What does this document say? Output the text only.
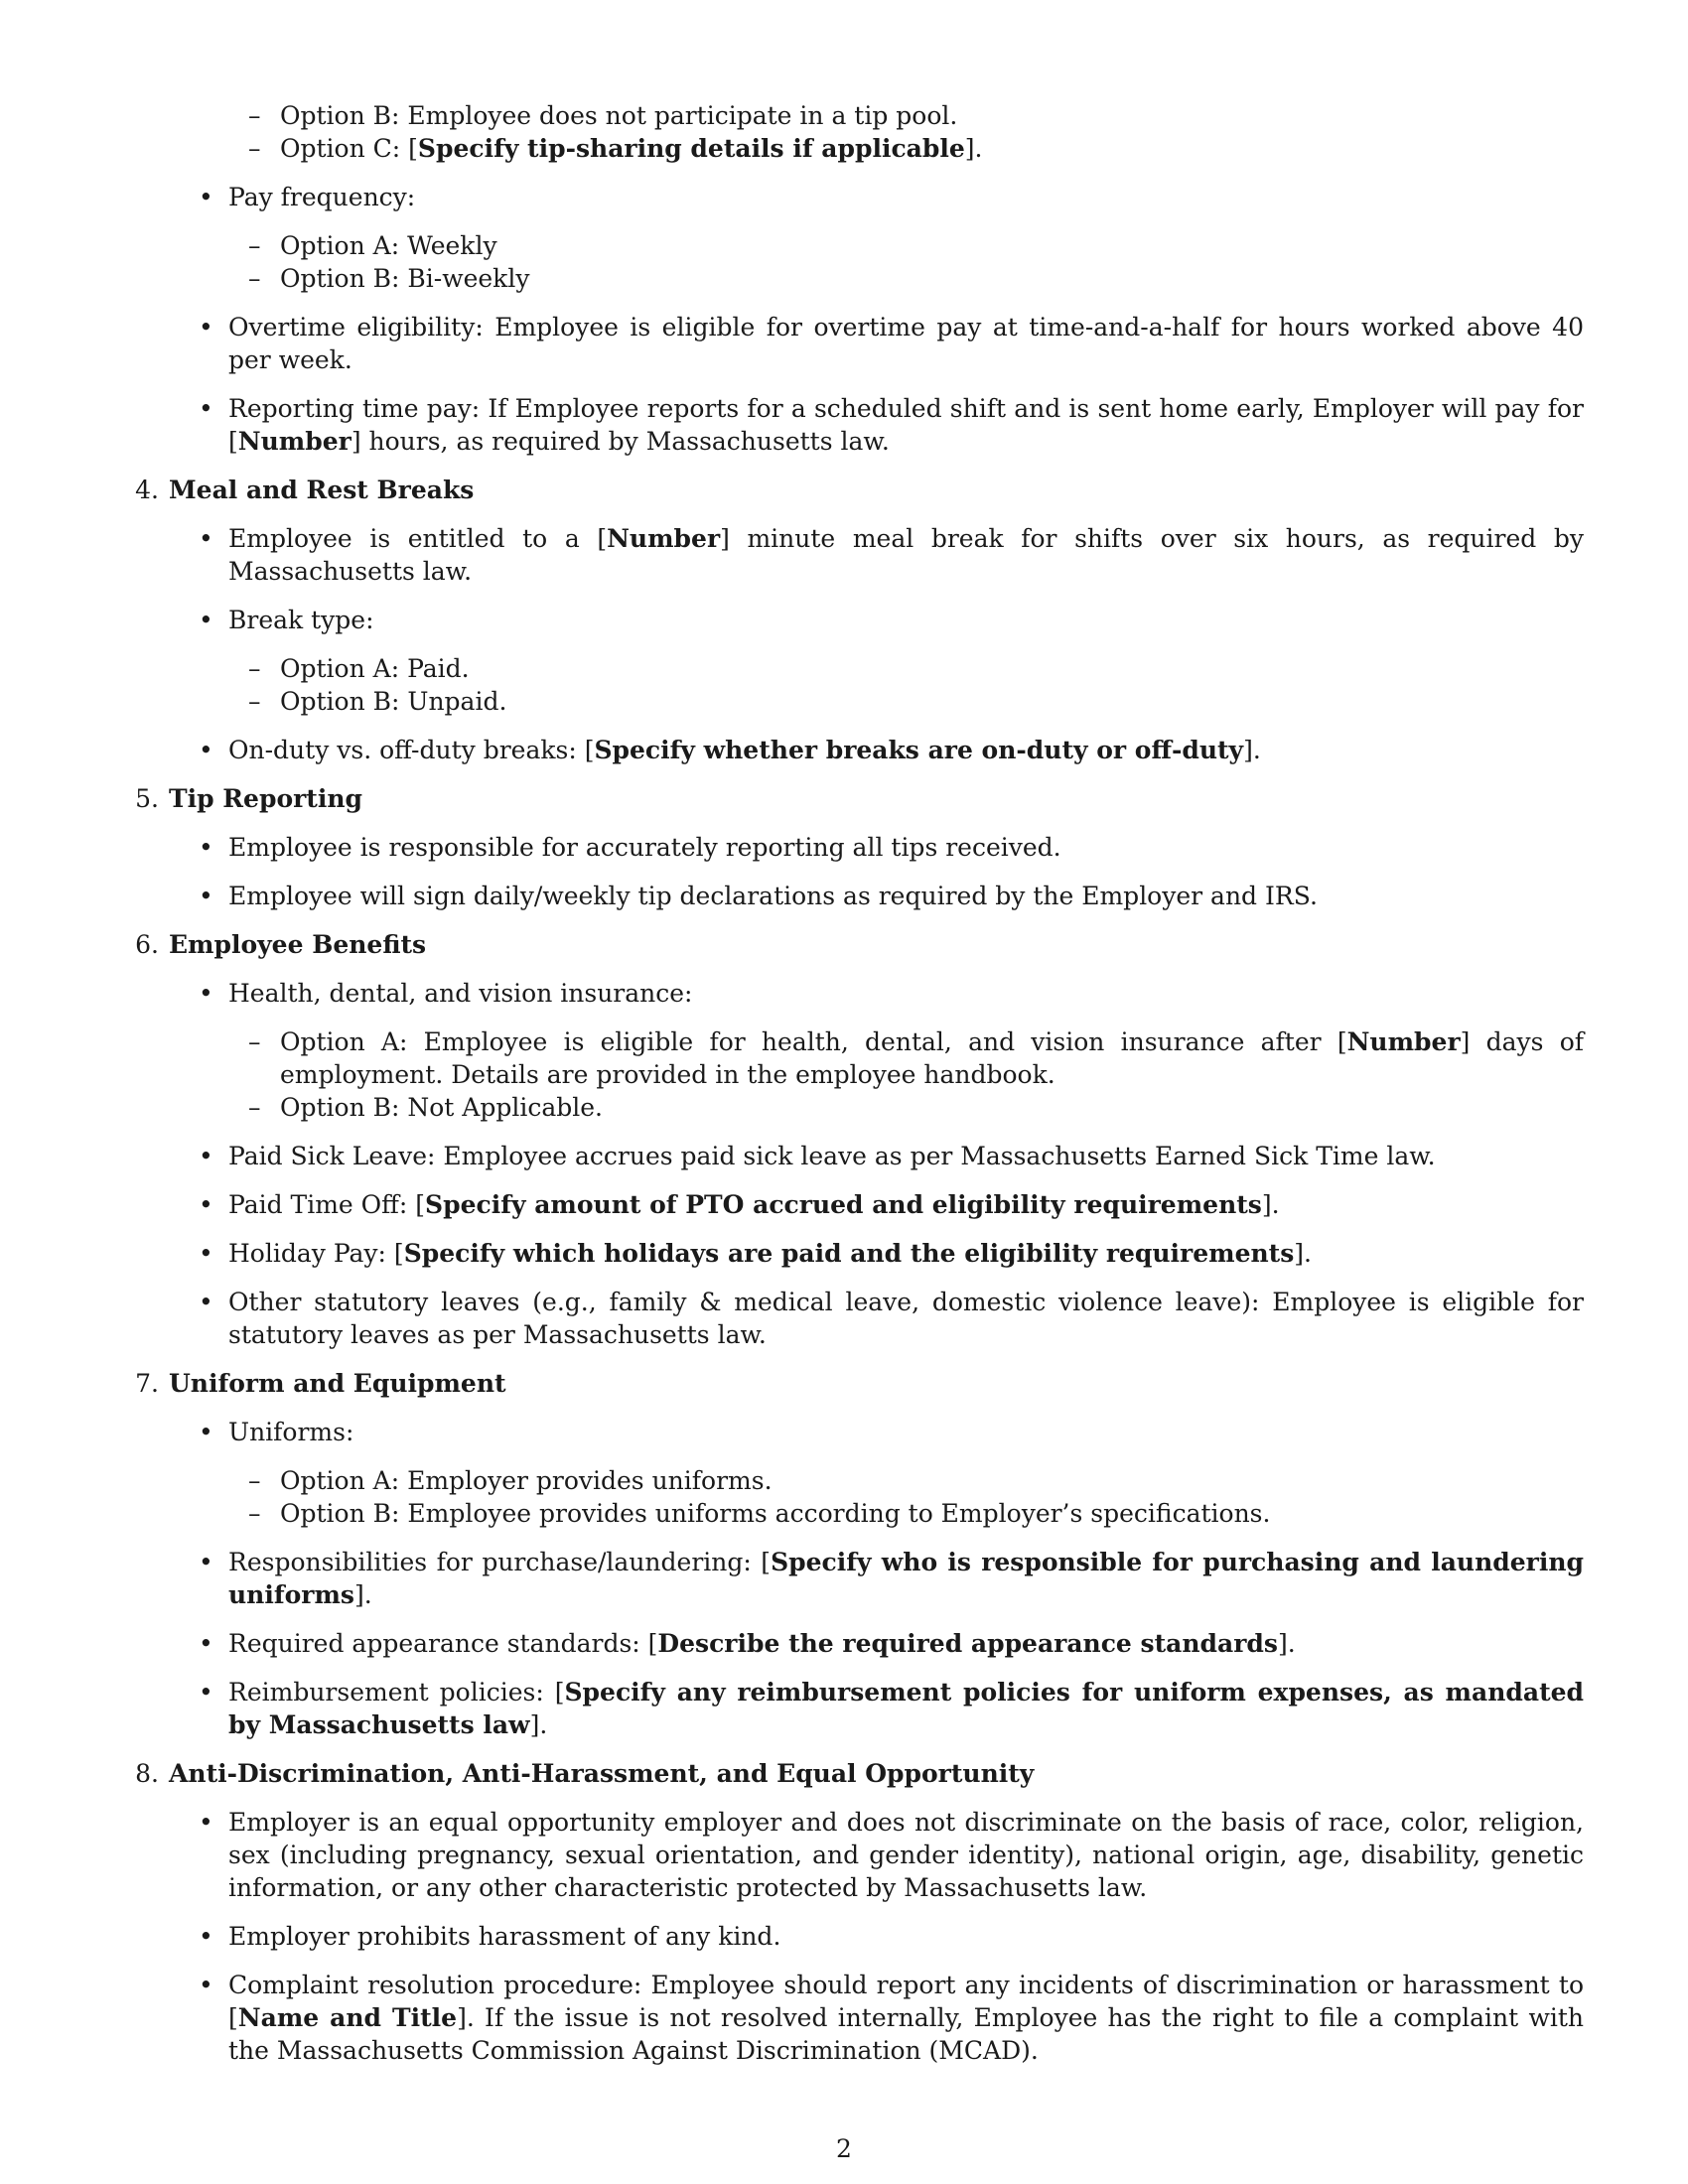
– Option B: Employee does not participate in a tip pool.
– Option C: [Specify tip-sharing details if applicable].
• Pay frequency:
– Option A: Weekly
– Option B: Bi-weekly
• Overtime eligibility: Employee is eligible for overtime pay at time-and-a-half for hours worked above 40 per week.
• Reporting time pay: If Employee reports for a scheduled shift and is sent home early, Employer will pay for [Number] hours, as required by Massachusetts law.
4. Meal and Rest Breaks
• Employee is entitled to a [Number] minute meal break for shifts over six hours, as required by Massachusetts law.
• Break type:
– Option A: Paid.
– Option B: Unpaid.
• On-duty vs. off-duty breaks: [Specify whether breaks are on-duty or off-duty].
5. Tip Reporting
• Employee is responsible for accurately reporting all tips received.
• Employee will sign daily/weekly tip declarations as required by the Employer and IRS.
6. Employee Benefits
• Health, dental, and vision insurance:
– Option A: Employee is eligible for health, dental, and vision insurance after [Number] days of employment. Details are provided in the employee handbook.
– Option B: Not Applicable.
• Paid Sick Leave: Employee accrues paid sick leave as per Massachusetts Earned Sick Time law.
• Paid Time Off: [Specify amount of PTO accrued and eligibility requirements].
• Holiday Pay: [Specify which holidays are paid and the eligibility requirements].
• Other statutory leaves (e.g., family & medical leave, domestic violence leave): Employee is eligible for statutory leaves as per Massachusetts law.
7. Uniform and Equipment
• Uniforms:
– Option A: Employer provides uniforms.
– Option B: Employee provides uniforms according to Employer’s specifications.
• Responsibilities for purchase/laundering: [Specify who is responsible for purchasing and laundering uniforms].
• Required appearance standards: [Describe the required appearance standards].
• Reimbursement policies: [Specify any reimbursement policies for uniform expenses, as mandated by Massachusetts law].
8. Anti-Discrimination, Anti-Harassment, and Equal Opportunity
• Employer is an equal opportunity employer and does not discriminate on the basis of race, color, religion, sex (including pregnancy, sexual orientation, and gender identity), national origin, age, disability, genetic information, or any other characteristic protected by Massachusetts law.
• Employer prohibits harassment of any kind.
• Complaint resolution procedure: Employee should report any incidents of discrimination or harassment to [Name and Title]. If the issue is not resolved internally, Employee has the right to file a complaint with the Massachusetts Commission Against Discrimination (MCAD).
2
